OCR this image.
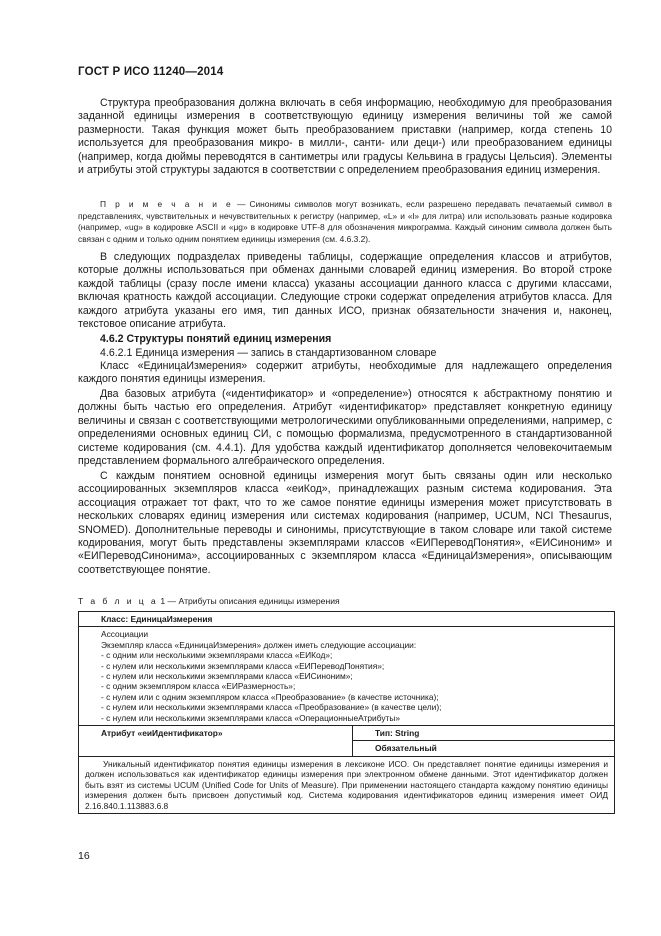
ГОСТ Р ИСО 11240—2014

Структура преобразования должна включать в себя информацию, необходимую для преобразования заданной единицы измерения в соответствующую единицу измерения величины той же самой размерности. Такая функция может быть преобразованием приставки (например, когда степень 10 используется для преобразования микро- в милли-, санти- или деци-) или преобразованием единицы (например, когда дюймы переводятся в сантиметры или градусы Кельвина в градусы Цельсия). Элементы и атрибуты этой структуры задаются в соответствии с определением преобразования единиц измерения.

П р и м е ч а н и е — Синонимы символов могут возникать, если разрешено передавать печатаемый символ в представлениях, чувствительных и нечувствительных к регистру (например, «L» и «l» для литра) или использовать разные кодировка (например, «ug» в кодировке ASCII и «μg» в кодировке UTF-8 для обозначения микрограмма. Каждый синоним символа должен быть связан с одним и только одним понятием единицы измерения (см. 4.6.3.2).

В следующих подразделах приведены таблицы, содержащие определения классов и атрибутов, которые должны использоваться при обменах данными словарей единиц измерения. Во второй строке каждой таблицы (сразу после имени класса) указаны ассоциации данного класса с другими классами, включая кратность каждой ассоциации. Следующие строки содержат определения атрибутов класса. Для каждого атрибута указаны его имя, тип данных ИСО, признак обязательности значения и, наконец, текстовое описание атрибута.

4.6.2 Структуры понятий единиц измерения
4.6.2.1 Единица измерения — запись в стандартизованном словаре

Класс «ЕдиницаИзмерения» содержит атрибуты, необходимые для надлежащего определения каждого понятия единицы измерения.

Два базовых атрибута («идентификатор» и «определение») относятся к абстрактному понятию и должны быть частью его определения. Атрибут «идентификатор» представляет конкретную единицу величины и связан с соответствующими метрологическими опубликованными определениями, например, с определениями основных единиц СИ, с помощью формализма, предусмотренного в стандартизованной системе кодирования (см. 4.4.1). Для удобства каждый идентификатор дополняется человекочитаемым представлением формального алгебраического определения.

С каждым понятием основной единицы измерения могут быть связаны один или несколько ассоциированных экземпляров класса «еиКод», принадлежащих разным система кодирования. Эта ассоциация отражает тот факт, что то же самое понятие единицы измерения может присутствовать в нескольких словарях единиц измерения или системах кодирования (например, UCUM, NCI Thesaurus, SNOMED). Дополнительные переводы и синонимы, присутствующие в таком словаре или такой системе кодирования, могут быть представлены экземплярами классов «ЕИПереводПонятия», «ЕИСиноним» и «ЕИПереводСинонима», ассоциированных с экземпляром класса «ЕдиницаИзмерения», описывающим соответствующее понятие.

Т а б л и ц а 1 — Атрибуты описания единицы измерения
Класс: ЕдиницаИзмерения

Ассоциации
Экземпляр класса «ЕдиницаИзмерения» должен иметь следующие ассоциации:
- с одним или несколькими экземплярами класса «ЕИКод»;
- с нулем или несколькими экземплярами класса «ЕИПереводПонятия»;
- с нулем или несколькими экземплярами класса «ЕИСиноним»;
- с одним экземпляром класса «ЕИРазмерность»;
- с нулем или с одним экземпляром класса «Преобразование» (в качестве источника);
- с нулем или несколькими экземплярами класса «Преобразование» (в качестве цели);
- с нулем или несколькими экземплярами класса «ОперационныеАтрибуты»

Атрибут «еиИдентификатор»	Тип: String
Обязательный
Уникальный идентификатор понятия единицы измерения в лексиконе ИСО. Он представляет понятие единицы измерения и должен использоваться как идентификатор единицы измерения при электронном обмене данными. Этот идентификатор должен быть взят из системы UCUM (Unified Code for Units of Measure). При применении настоящего стандарта каждому понятию единицы измерения должен быть присвоен допустимый код. Система кодирования идентификаторов единиц измерения имеет ОИД 2.16.840.1.113883.6.8
16
